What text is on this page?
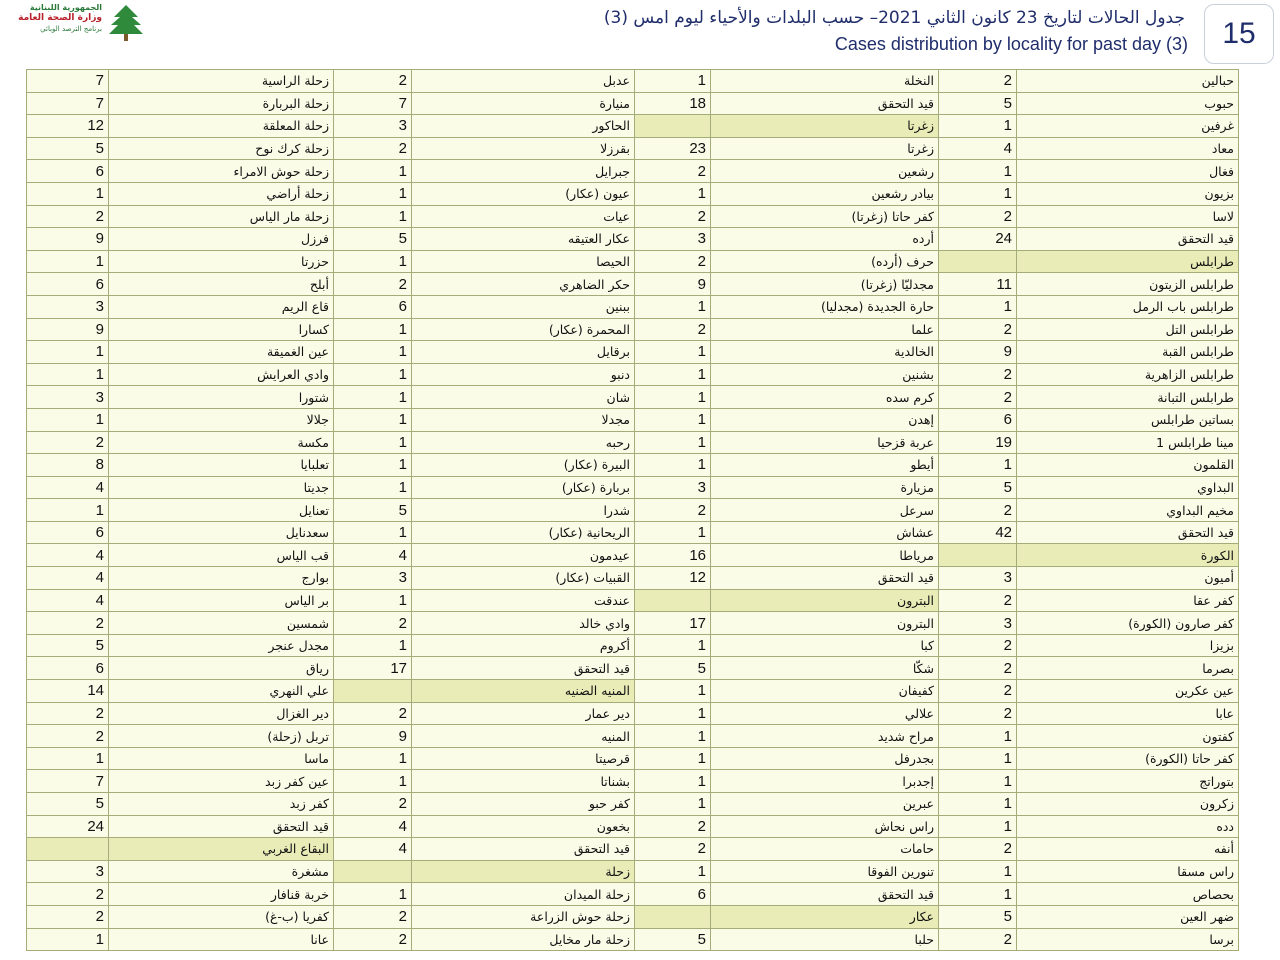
الجمهورية اللبنانية
وزارة الصحة العامة
برنامج الترصد الوبائي
جدول الحالات لتاريخ 23 كانون الثاني 2021– حسب البلدات والأحياء ليوم امس (3)
Cases distribution by locality for past day (3) 15
7	زحلة الراسية	2	عدبل	1	النخلة	2	حبالين
7	زحلة البربارة	7	منيارة	18	قيد التحقق	5	حبوب
12	زحلة المعلقة	3	الحاكور		زغرتا	1	غرفين
5	زحلة كرك نوح	2	بقرزلا	23	زغرتا	4	معاد
6	زحلة حوش الامراء	1	جبرايل	2	رشعين	1	فغال
1	زحلة أراضي	1	عيون (عكار)	1	بيادر رشعين	1	بزيون
2	زحلة مار الياس	1	عيات	2	كفر حاتا (زغرتا)	2	لاسا
9	فرزل	5	عكار العتيقه	3	أرده	24	قيد التحقق
1	حزرتا	1	الحيصا	2	حرف (أرده)		طرابلس
6	أبلح	2	حكر الضاهري	9	مجدليّا (زغرتا)	11	طرابلس الزيتون
3	قاع الريم	6	ببنين	1	حارة الجديدة (مجدليا)	1	طرابلس باب الرمل
9	كسارا	1	المحمرة (عكار)	2	علما	2	طرابلس التل
1	عين الغميقة	1	برقايل	1	الخالدية	9	طرابلس القبة
1	وادي العرايش	1	دنبو	1	بشنين	2	طرابلس الزاهرية
3	شتورا	1	شان	1	كرم سده	2	طرابلس التبانة
1	جلالا	1	مجدلا	1	إهدن	6	بساتين طرابلس
2	مكسة	1	رحبه	1	عربة قزحيا	19	مينا طرابلس 1
8	تعلبايا	1	البيرة (عكار)	1	أيطو	1	القلمون
4	جديتا	1	بربارة (عكار)	3	مزيارة	5	البداوي
1	تعنايل	5	شدرا	2	سرعل	2	مخيم البداوي
6	سعدنايل	1	الريحانية (عكار)	1	عشاش	42	قيد التحقق
4	قب الياس	4	عيدمون	16	مرياطا		الكورة
4	بوارج	3	القبيات (عكار)	12	قيد التحقق	3	أميون
4	بر الياس	1	عندقت		البترون	2	كفر عقا
2	شمسين	2	وادي خالد	17	البترون	3	كفر صارون (الكورة)
5	مجدل عنجر	1	أكروم	1	كبا	2	بزيزا
6	رياق	17	قيد التحقق	5	شكّا	2	بصرما
14	علي النهري		المنيه الضنيه	1	كفيفان	2	عين عكرين
2	دير الغزال	2	دير عمار	1	علالي	2	عابا
2	تربل (زحلة)	9	المنيه	1	مراح شديد	1	كفتون
1	ماسا	1	قرصيتا	1	بجدرفل	1	كفر حاتا (الكورة)
7	عين كفر زبد	1	بشناتا	1	إجدبرا	1	بتوراتج
5	كفر زبد	2	كفر حبو	1	عبرين	1	زكرون
24	قيد التحقق	4	بخعون	2	راس نحاش	1	دده
	البقاع الغربي	4	قيد التحقق	2	حامات	2	أنفه
3	مشغرة		زحلة	1	تنورين الفوقا	1	راس مسقا
2	خربة قنافار	1	زحلة الميدان	6	قيد التحقق	1	بحصاص
2	كفريا (ب-غ)	2	زحلة حوش الزراعة		عكار	5	ضهر العين
1	عانا	2	زحلة مار مخايل	5	حلبا	2	برسا
